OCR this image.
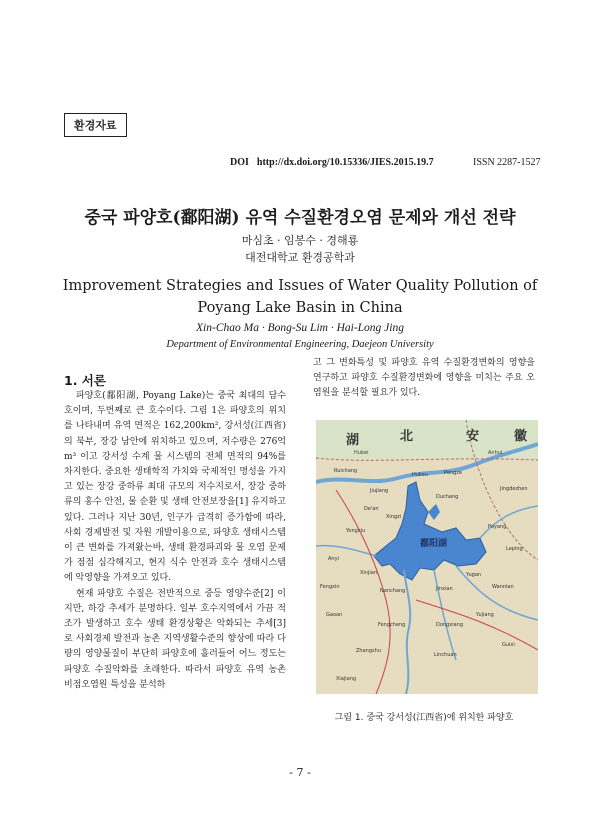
환경자료
DOI http://dx.doi.org/10.15336/JIES.2015.19.7	ISSN 2287-1527
중국 파양호(鄱阳湖) 유역 수질환경오염 문제와 개선 전략
마심초 · 임봉수 · 경해룡
대전대학교 환경공학과
Improvement Strategies and Issues of Water Quality Pollution of Poyang Lake Basin in China
Xin-Chao Ma · Bong-Su Lim · Hai-Long Jing
Department of Environmental Engineering, Daejeon University
1. 서론

파양호(鄱阳湖, Poyang Lake)는 중국 최대의 담수 호이며, 두번째로 큰 호수이다. 그림 1은 파양호의 위치를 나타내며 유역 면적은 162,200km², 강서성(江西省)의 북부, 장강 남안에 위치하고 있으며, 저수량은 276억m³ 이고 강서성 수계 물 시스템의 전체 면적의 94%를 차지한다. 중요한 생태학적 가치와 국제적인 명성을 가지고 있는 장강 중하류 최대 규모의 저수지로서, 장강 중하류의 홍수 안전, 물 순환 및 생태 안전보장을[1] 유지하고 있다. 그러나 지난 30년, 인구가 급격히 증가함에 따라, 사회 경제발전 및 자원 개발이용으로, 파양호 생태시스템이 큰 변화를 가져왔는바, 생태 환경파괴와 물 오염 문제가 점점 심각해지고, 현지 식수 안전과 호수 생태시스템에 악영향을 가져오고 있다.

현재 파양호 수질은 전반적으로 중등 영양수준[2] 이지만, 하강 추세가 분명하다. 일부 호수지역에서 가끔 적조가 발생하고 호수 생태 환경상황은 악화되는 추세[3] 로 사회경제 발전과 농촌 지역생활수준의 향상에 따라 다량의 영양물질이 부단히 파양호에 흘러들어 어느 정도는 파양호 수질악화를 초래한다. 따라서 파양호 유역 농촌 비점오염원 특성을 분석하

고 그 변화특성 및 파양호 유역 수질환경변화의 영향을 연구하고 파양호 수질환경변화에 영향을 미치는 주요 오염원을 분석할 필요가 있다.

湖	北	安	徽
Hubei	Anhui
鄱阳湖
Ruichang
Jiujiang
Hukou	Pengze
De'an
Xingzi
Yongxiu
Duchang
Poyang
Anyi
Xinjian
Nanchang	Jinxian
Yujiang
Fengxin
Gaoan
Fengcheng
Zhangshu
Xiajiang
Yugan
Wannian
Jingdezhen
Leping
Dongxiang
Linchuan
Guixi
그림 1. 중국 강서성(江西省)에 위치한 파양호
- 7 -
